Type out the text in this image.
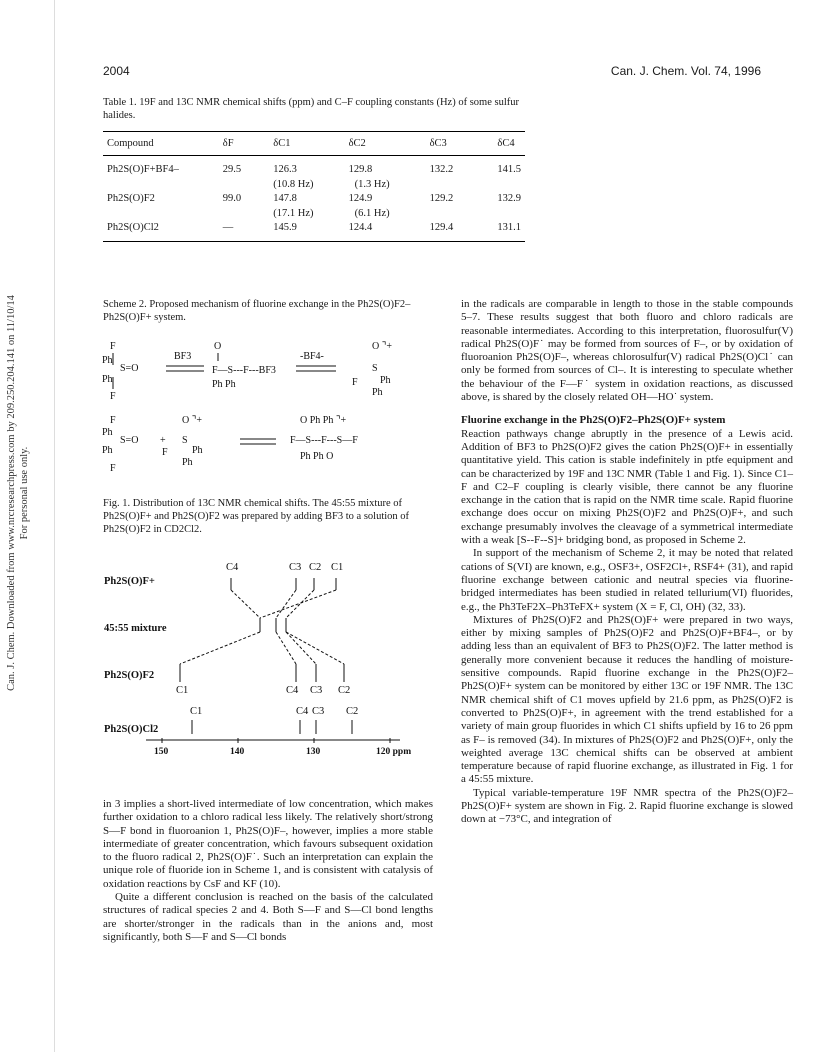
Can. J. Chem. Downloaded from www.nrcresearchpress.com by 209.250.204.141 on 11/10/14 For personal use only.
2004	Can. J. Chem. Vol. 74, 1996
Table 1. 19F and 13C NMR chemical shifts (ppm) and C–F coupling constants (Hz) of some sulfur halides.
Compound	δF	δC1	δC2	δC3	δC4
Ph2S(O)F+BF4–	29.5	126.3	129.8	132.2	141.5
		(10.8 Hz)	(1.3 Hz)		
Ph2S(O)F2	99.0	147.8	124.9	129.2	132.9
		(17.1 Hz)	(6.1 Hz)		
Ph2S(O)Cl2	—	145.9	124.4	129.4	131.1
Scheme 2. Proposed mechanism of fluorine exchange in the Ph2S(O)F2–Ph2S(O)F+ system.
F
Ph
Ph
S=O
F
BF3
O
F—S---F---BF3
Ph Ph
-BF4-
O ⌝+
S
F Ph
Ph
F
Ph
Ph
S=O
F
+
O ⌝+
S
F Ph
Ph
O Ph Ph ⌝+
F—S---F---S—F
Ph Ph O
Fig. 1. Distribution of 13C NMR chemical shifts. The 45:55 mixture of Ph2S(O)F+ and Ph2S(O)F2 was prepared by adding BF3 to a solution of Ph2S(O)F2 in CD2Cl2.
Ph2S(O)F+
45:55 mixture
Ph2S(O)F2
Ph2S(O)Cl2
C4	C3 C2 C1
C1	C4 C3 C2
C1	C4 C3 C2
150	140	130	120 ppm

in 3 implies a short-lived intermediate of low concentration, which makes further oxidation to a chloro radical less likely. The relatively short/strong S—F bond in fluoroanion 1, Ph2S(O)F–, however, implies a more stable intermediate of greater concentration, which favours subsequent oxidation to the fluoro radical 2, Ph2S(O)F˙. Such an interpretation can explain the unique role of fluoride ion in Scheme 1, and is consistent with catalysis of oxidation reactions by CsF and KF (10).

Quite a different conclusion is reached on the basis of the calculated structures of radical species 2 and 4. Both S—F and S—Cl bond lengths are shorter/stronger in the radicals than in the anions and, most significantly, both S—F and S—Cl bonds

in the radicals are comparable in length to those in the stable compounds 5–7. These results suggest that both fluoro and chloro radicals are reasonable intermediates. According to this interpretation, fluorosulfur(V) radical Ph2S(O)F˙ may be formed from sources of F–, or by oxidation of fluoroanion Ph2S(O)F–, whereas chlorosulfur(V) radical Ph2S(O)Cl˙ can only be formed from sources of Cl–. It is interesting to speculate whether the behaviour of the F––F˙ system in oxidation reactions, as discussed above, is shared by the closely related OH––HO˙ system.

Fluorine exchange in the Ph2S(O)F2–Ph2S(O)F+ system

Reaction pathways change abruptly in the presence of a Lewis acid. Addition of BF3 to Ph2S(O)F2 gives the cation Ph2S(O)F+ in essentially quantitative yield. This cation is stable indefinitely in ptfe equipment and can be characterized by 19F and 13C NMR (Table 1 and Fig. 1). Since C1–F and C2–F coupling is clearly visible, there cannot be any fluorine exchange in the cation that is rapid on the NMR time scale. Rapid fluorine exchange does occur on mixing Ph2S(O)F2 and Ph2S(O)F+, and such exchange presumably involves the cleavage of a symmetrical intermediate with a weak [S--F--S]+ bridging bond, as proposed in Scheme 2.

In support of the mechanism of Scheme 2, it may be noted that related cations of S(VI) are known, e.g., OSF3+, OSF2Cl+, RSF4+ (31), and rapid fluorine exchange between cationic and neutral species via fluorine-bridged intermediates has been studied in related tellurium(VI) fluorides, e.g., the Ph3TeF2X–Ph3TeFX+ system (X = F, Cl, OH) (32, 33).

Mixtures of Ph2S(O)F2 and Ph2S(O)F+ were prepared in two ways, either by mixing samples of Ph2S(O)F2 and Ph2S(O)F+BF4–, or by adding less than an equivalent of BF3 to Ph2S(O)F2. The latter method is generally more convenient because it reduces the handling of moisture-sensitive compounds. Rapid fluorine exchange in the Ph2S(O)F2–Ph2S(O)F+ system can be monitored by either 13C or 19F NMR. The 13C NMR chemical shift of C1 moves upfield by 21.6 ppm, as Ph2S(O)F2 is converted to Ph2S(O)F+, in agreement with the trend established for a variety of main group fluorides in which C1 shifts upfield by 16 to 26 ppm as F– is removed (34). In mixtures of Ph2S(O)F2 and Ph2S(O)F+, only the weighted average 13C chemical shifts can be observed at ambient temperature because of rapid fluorine exchange, as illustrated in Fig. 1 for a 45:55 mixture.

Typical variable-temperature 19F NMR spectra of the Ph2S(O)F2–Ph2S(O)F+ system are shown in Fig. 2. Rapid fluorine exchange is slowed down at −73°C, and integration of
